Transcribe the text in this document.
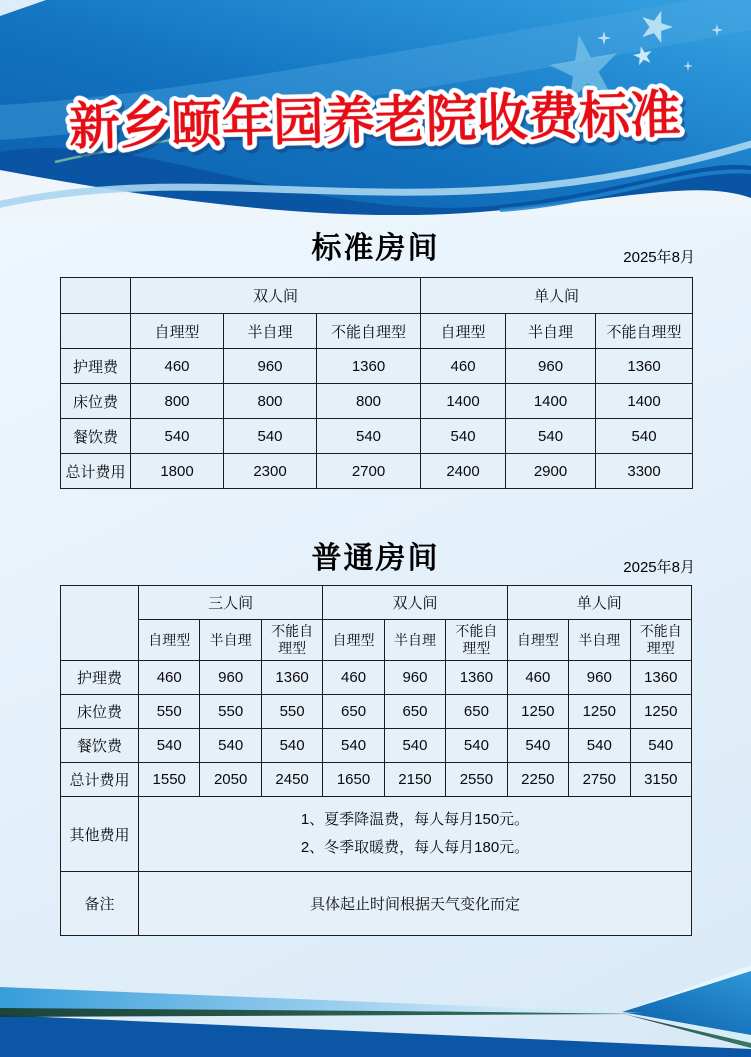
新乡颐年园养老院收费标准
标准房间	2025年8月
	双人间			单人间		
	自理型	半自理	不能自理型	自理型	半自理	不能自理型
护理费	460	960	1360	460	960	1360
床位费	800	800	800	1400	1400	1400
餐饮费	540	540	540	540	540	540
总计费用	1800	2300	2700	2400	2900	3300
普通房间	2025年8月
	三人间			双人间			单人间		
	自理型	半自理	不能自理型	自理型	半自理	不能自理型	自理型	半自理	不能自理型
护理费	460	960	1360	460	960	1360	460	960	1360
床位费	550	550	550	650	650	650	1250	1250	1250
餐饮费	540	540	540	540	540	540	540	540	540
总计费用	1550	2050	2450	1650	2150	2550	2250	2750	3150
其他费用	1、夏季降温费，每人每月150元。
2、冬季取暖费，每人每月180元。								

备注	具体起止时间根据天气变化而定								
